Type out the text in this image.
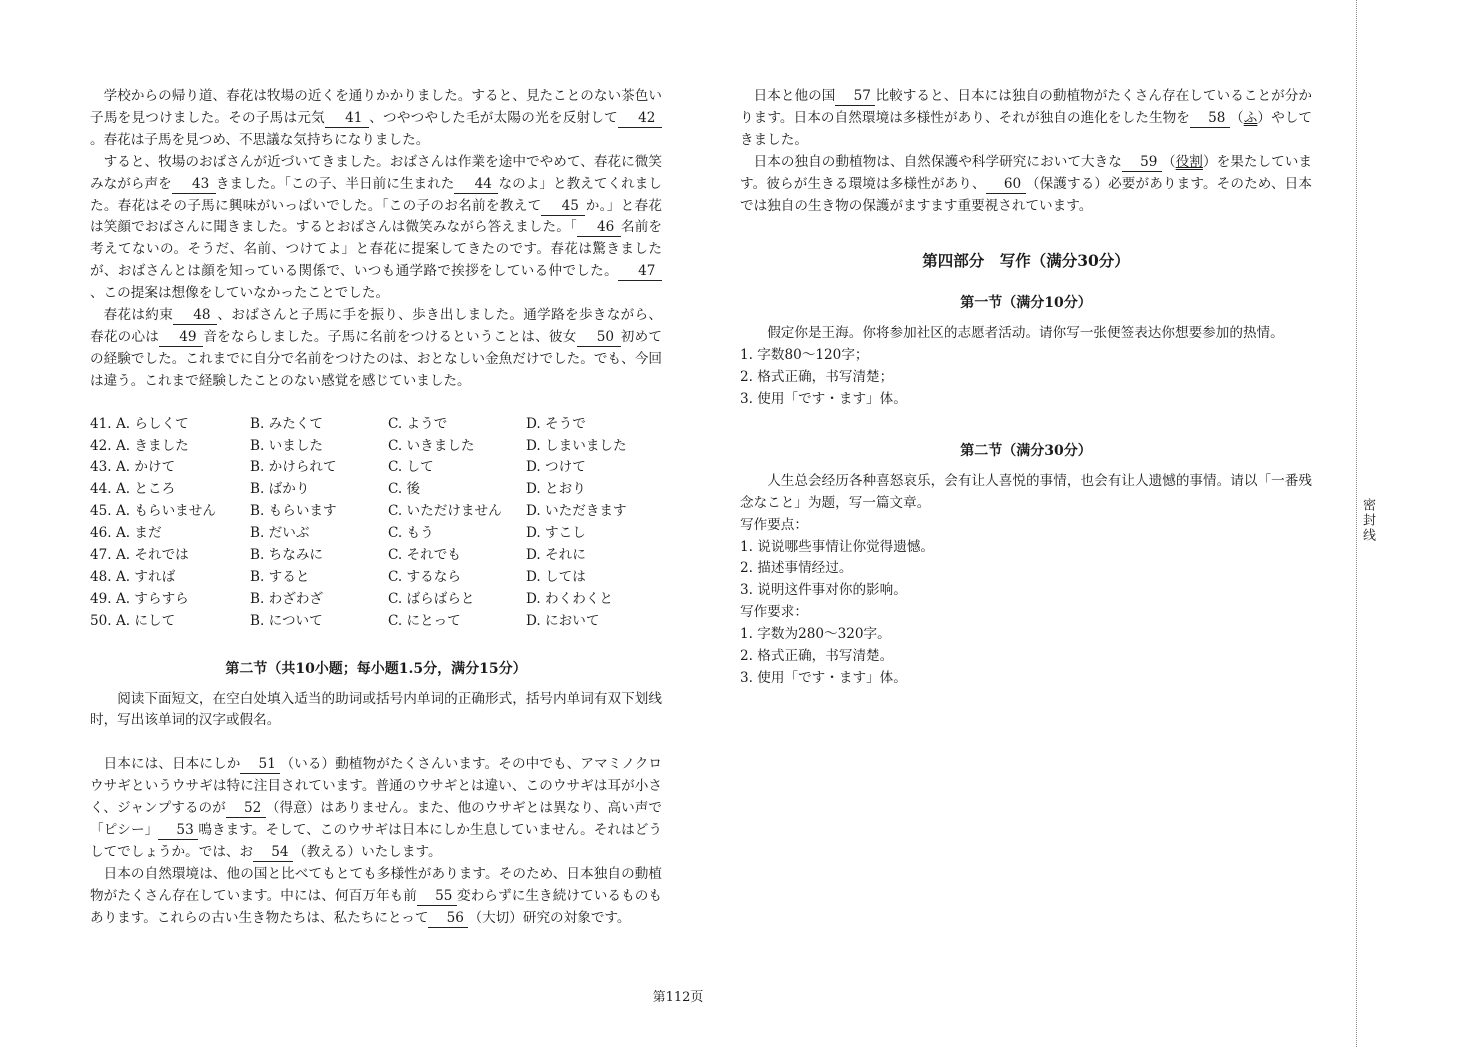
学校からの帰り道、春花は牧場の近くを通りかかりました。すると、見たことのない茶色い子馬を見つけました。その子馬は元気 41 、つやつやした毛が太陽の光を反射して 42。春花は子馬を見つめ、不思議な気持ちになりました。

すると、牧場のおばさんが近づいてきました。おばさんは作業を途中でやめて、春花に微笑みながら声を 43 きました。「この子、半日前に生まれた 44 なのよ」と教えてくれました。春花はその子馬に興味がいっぱいでした。「この子のお名前を教えて 45 か。」と春花は笑顔でおばさんに聞きました。するとおばさんは微笑みながら答えました。「 46 名前を考えてないの。そうだ、名前、つけてよ」と春花に提案してきたのです。春花は驚きましたが、おばさんとは顔を知っている関係で、いつも通学路で挨拶をしている仲でした。 47、この提案は想像をしていなかったことでした。

春花は約束 48 、おばさんと子馬に手を振り、歩き出しました。通学路を歩きながら、春花の心は 49 音をならしました。子馬に名前をつけるということは、彼女 50 初めての経験でした。これまでに自分で名前をつけたのは、おとなしい金魚だけでした。でも、今回は違う。これまで経験したことのない感覚を感じていました。

41. A. らしくて	B. みたくて	C. ようで	D. そうで
42. A. きました	B. いました	C. いきました	D. しまいました
43. A. かけて	B. かけられて	C. して	D. つけて
44. A. ところ	B. ばかり	C. 後	D. とおり
45. A. もらいません	B. もらいます	C. いただけません	D. いただきます
46. A. まだ	B. だいぶ	C. もう	D. すこし
47. A. それでは	B. ちなみに	C. それでも	D. それに
48. A. すれば	B. すると	C. するなら	D. しては
49. A. すらすら	B. わざわざ	C. ばらばらと	D. わくわくと
50. A. にして	B. について	C. にとって	D. において
第二节（共10小题；每小题1.5分，满分15分）

阅读下面短文，在空白处填入适当的助词或括号内单词的正确形式，括号内单词有双下划线时，写出该单词的汉字或假名。

日本には、日本にしか 51 （いる）動植物がたくさんいます。その中でも、アマミノクロウサギというウサギは特に注目されています。普通のウサギとは違い、このウサギは耳が小さく、ジャンプするのが 52 （得意）はありません。また、他のウサギとは異なり、高い声で「ピシー」 53 鳴きます。そして、このウサギは日本にしか生息していません。それはどうしてでしょうか。では、お 54 （教える）いたします。

日本の自然環境は、他の国と比べてもとても多様性があります。そのため、日本独自の動植物がたくさん存在しています。中には、何百万年も前 55 変わらずに生き続けているものもあります。これらの古い生き物たちは、私たちにとって 56 （大切）研究の対象です。

日本と他の国 57 比較すると、日本には独自の動植物がたくさん存在していることが分かります。日本の自然環境は多様性があり、それが独自の進化をした生物を 58 （ふ）やしてきました。

日本の独自の動植物は、自然保護や科学研究において大きな 59 （役割）を果たしています。彼らが生きる環境は多様性があり、 60 （保護する）必要があります。そのため、日本では独自の生き物の保護がますます重要視されています。

第四部分　写作（满分30分）
第一节（满分10分）

假定你是王海。你将参加社区的志愿者活动。请你写一张便签表达你想要参加的热情。

1. 字数80～120字；

2. 格式正确，书写清楚；

3. 使用「です・ます」体。

第二节（满分30分）

人生总会经历各种喜怒哀乐，会有让人喜悦的事情，也会有让人遗憾的事情。请以「一番残念なこと」为题，写一篇文章。

写作要点：

1. 说说哪些事情让你觉得遗憾。

2. 描述事情经过。

3. 说明这件事对你的影响。

写作要求：

1. 字数为280～320字。

2. 格式正确，书写清楚。

3. 使用「です・ます」体。

第112页
密封线
